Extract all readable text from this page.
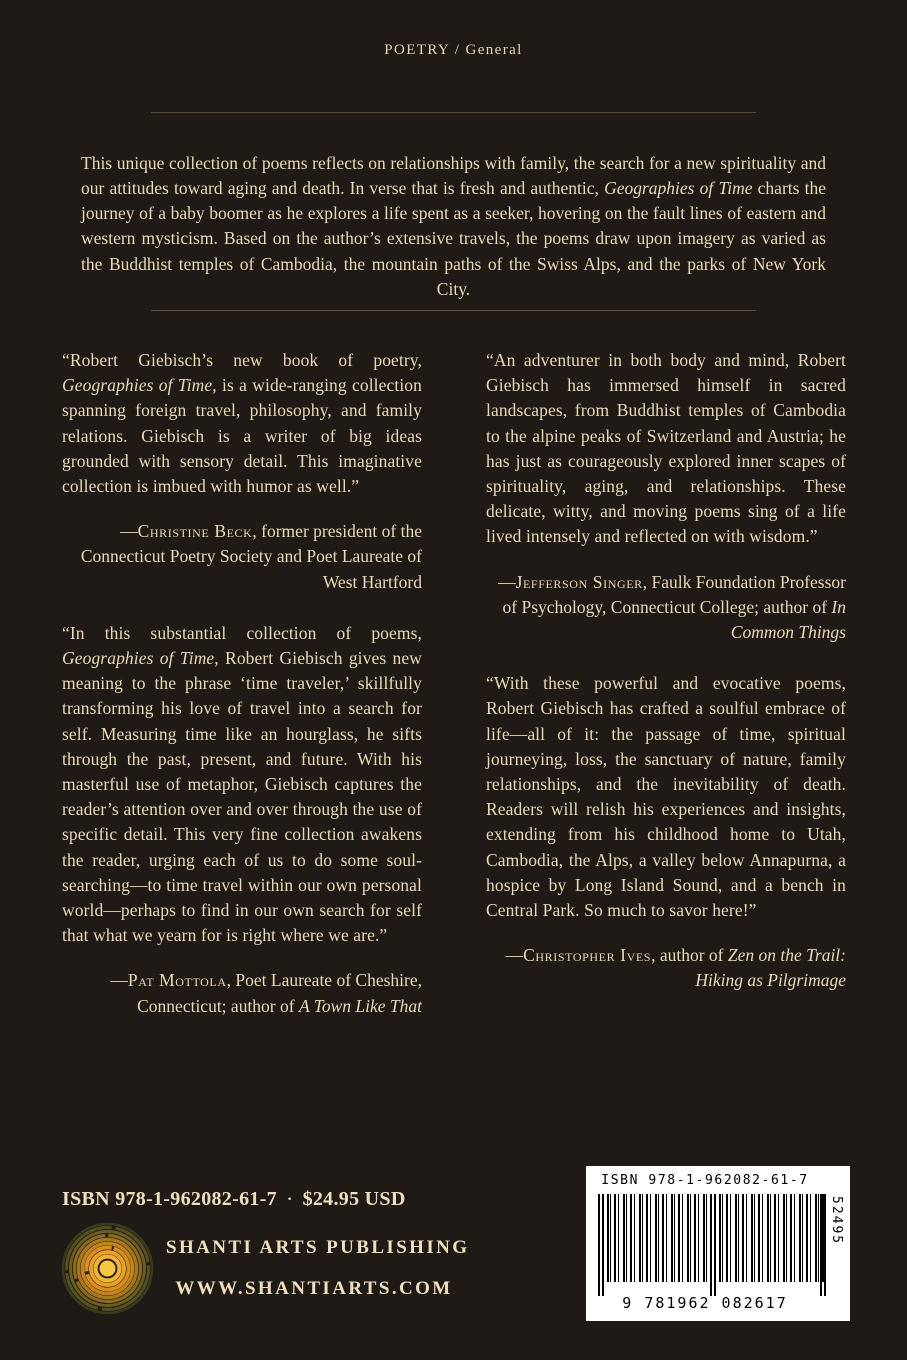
POETRY / General

This unique collection of poems reflects on relationships with family, the search for a new spirituality and our attitudes toward aging and death. In verse that is fresh and authentic, Geographies of Time charts the journey of a baby boomer as he explores a life spent as a seeker, hovering on the fault lines of eastern and western mysticism. Based on the author’s extensive travels, the poems draw upon imagery as varied as the Buddhist temples of Cambodia, the mountain paths of the Swiss Alps, and the parks of New York City.

“Robert Giebisch’s new book of poetry, Geographies of Time, is a wide-ranging collection spanning foreign travel, philosophy, and family relations. Giebisch is a writer of big ideas grounded with sensory detail. This imaginative collection is imbued with humor as well.”

—Christine Beck, former president of the Connecticut Poetry Society and Poet Laureate of West Hartford

“In this substantial collection of poems, Geographies of Time, Robert Giebisch gives new meaning to the phrase ‘time traveler,’ skillfully transforming his love of travel into a search for self. Measuring time like an hourglass, he sifts through the past, present, and future. With his masterful use of metaphor, Giebisch captures the reader’s attention over and over through the use of specific detail. This very fine collection awakens the reader, urging each of us to do some soul-searching—to time travel within our own personal world—perhaps to find in our own search for self that what we yearn for is right where we are.”

—Pat Mottola, Poet Laureate of Cheshire, Connecticut; author of A Town Like That

“An adventurer in both body and mind, Robert Giebisch has immersed himself in sacred landscapes, from Buddhist temples of Cambodia to the alpine peaks of Switzerland and Austria; he has just as courageously explored inner scapes of spirituality, aging, and relationships. These delicate, witty, and moving poems sing of a life lived intensely and reflected on with wisdom.”

—Jefferson Singer, Faulk Foundation Professor of Psychology, Connecticut College; author of In Common Things

“With these powerful and evocative poems, Robert Giebisch has crafted a soulful embrace of life—all of it: the passage of time, spiritual journeying, loss, the sanctuary of nature, family relationships, and the inevitability of death. Readers will relish his experiences and insights, extending from his childhood home to Utah, Cambodia, the Alps, a valley below Annapurna, a hospice by Long Island Sound, and a bench in Central Park. So much to savor here!”

—Christopher Ives, author of Zen on the Trail: Hiking as Pilgrimage

ISBN 978-1-962082-61-7 · $24.95 USD
SHANTI ARTS PUBLISHING
WWW.SHANTIARTS.COM
ISBN 978-1-962082-61-7
52495
9 781962 082617
